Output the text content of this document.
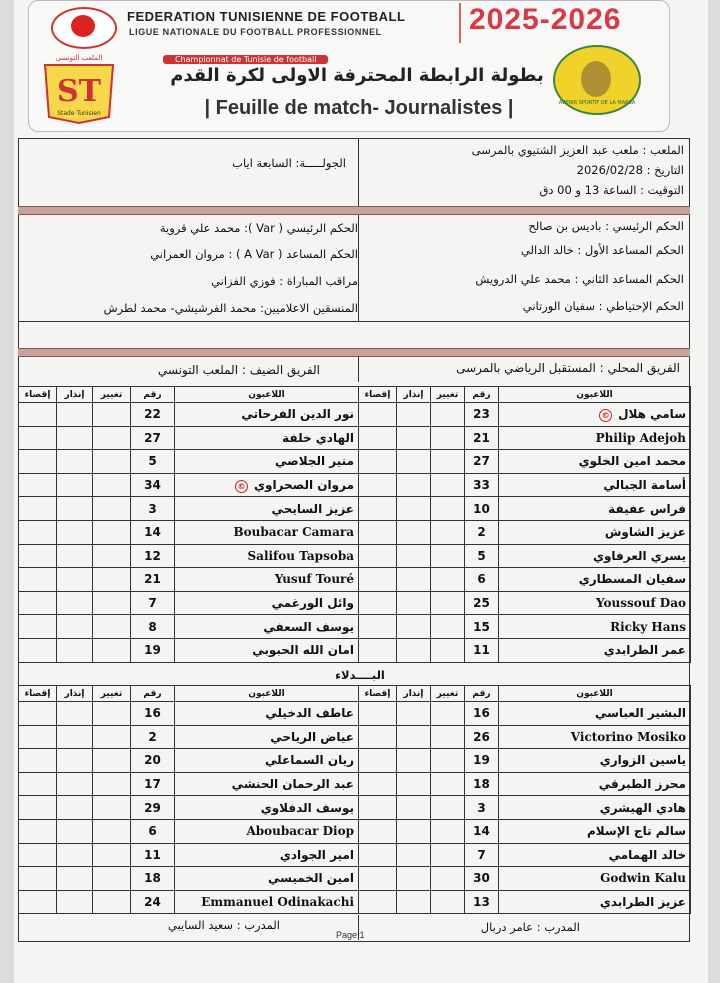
FEDERATION TUNISIENNE DE FOOTBALL
LIGUE NATIONALE DU FOOTBALL PROFESSIONNEL	2025-2026
الملعب التونسي
ST
Stade Tunisien
Championnat de Tunisie de football
بطولة الرابطة المحترفة الاولى لكرة القدم
| Feuille de match- Journalistes |	AVENIR SPORTIF DE LA MARSA
الملعب : ملعب عبد العزيز الشتيوي بالمرسى
التاريخ : 2026/02/28
التوقيت : الساعة 13 و 00 دق
الجولـــــة: السابعة اياب
الحكم الرئيسي : باديس بن صالح
الحكم المساعد الأول : خالد الدالي
الحكم المساعد الثاني : محمد علي الدرويش
الحكم الإحتياطي : سفيان الورتاني
الحكم الرئيسي ( Var ): محمد علي قروية
الحكم المساعد ( A Var ) : مروان العمراني
مراقب المباراة : فوزي الفزاني
المنسقين الاعلاميين: محمد الفرشيشي- محمد لطرش
الفريق المحلي : المستقبل الرياضي بالمرسى
الفريق الضيف : الملعب التونسي
إقصاء	إنذار	تغيير	رقم	اللاعبون
			22	نور الدين الفرحاتي
			27	الهادي خلفة
			5	منير الجلاصي
			34	مروان الصحراوي©
			3	عزيز السايحي
			14	Boubacar Camara
			12	Salifou Tapsoba
			21	Yusuf Touré
			7	وائل الورغمي
			8	يوسف السعفي
			19	امان الله الحبوبي
إقصاء	إنذار	تغيير	رقم	اللاعبون
			23	سامي هلال©
			21	Philip Adejoh
			27	محمد امين الخلوي
			33	أسامة الجبالي
			10	فراس عفيفة
			2	عزيز الشاوش
			5	يسري العرفاوي
			6	سفيان المسطاري
			25	Youssouf Dao
			15	Ricky Hans
			11	عمر الطرابدي
البــــدلاء
إقصاء	إنذار	تغيير	رقم	اللاعبون
			16	عاطف الدخيلي
			2	عياض الرياحي
			20	ريان السماعلي
			17	عبد الرحمان الحنشي
			29	يوسف الدفلاوي
			6	Aboubacar Diop
			11	امير الجوادي
			18	امين الخميسي
			24	Emmanuel Odinakachi
إقصاء	إنذار	تغيير	رقم	اللاعبون
			16	البشير العباسي
			26	Victorino Mosiko
			19	ياسين الزواري
			18	محرز الطبرقي
			3	هادي الهيشري
			14	سالم تاج الإسلام
			7	خالد الهمامي
			30	Godwin Kalu
			13	عزيز الطرابدي
المدرب : عامر دربال
المدرب : سعيد السايبي
Page 1
